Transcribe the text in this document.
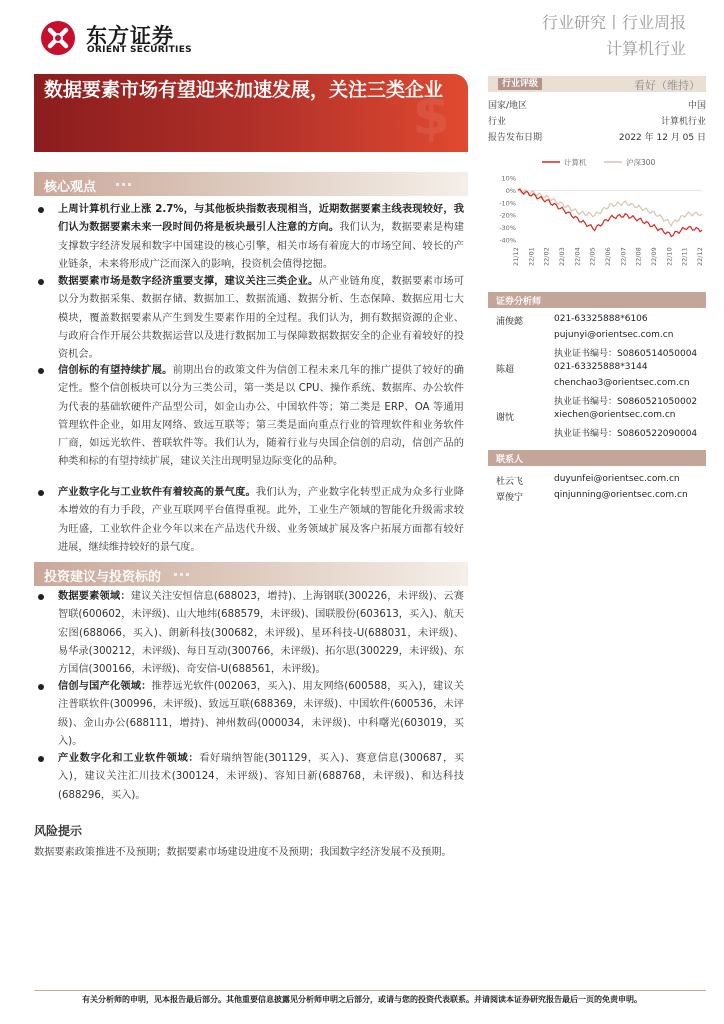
东方证券
ORIENT SECURITIES
行业研究丨行业周报
计算机行业
$
数据要素市场有望迎来加速发展，关注三类企业	行业评级	看好（维持）
国家/地区	中国
行业	计算机行业
报告发布日期	2022 年 12 月 05 日
计算机	沪深300
10%
0%
-10%
-20%
-30%
-40%
21/12 22/01 22/02 22/03 22/04 22/05 22/06 22/07 22/08 22/09 22/10 22/11 22/12
证券分析师
浦俊懿	021-63325888*6106
pujunyi@orientsec.com.cn
执业证书编号：S0860514050004
陈超	021-63325888*3144
chenchao3@orientsec.com.cn
执业证书编号：S0860521050002
谢忱	xiechen@orientsec.com.cn
执业证书编号：S0860522090004
联系人
杜云飞	duyunfei@orientsec.com.cn
覃俊宁	qinjunning@orientsec.com.cn
核心观点
上周计算机行业上涨 2.7%，与其他板块指数表现相当，近期数据要素主线表现较好，我们认为数据要素未来一段时间仍将是板块最引人注意的方向。我们认为，数据要素是构建支撑数字经济发展和数字中国建设的核心引擎，相关市场有着庞大的市场空间、较长的产业链条，未来将形成广泛而深入的影响，投资机会值得挖掘。
数据要素市场是数字经济重要支撑，建议关注三类企业。从产业链角度，数据要素市场可以分为数据采集、数据存储、数据加工、数据流通、数据分析、生态保障、数据应用七大模块，覆盖数据要素从产生到发生要素作用的全过程。我们认为，拥有数据资源的企业、与政府合作开展公共数据运营以及进行数据加工与保障数据数据安全的企业有着较好的投资机会。
信创标的有望持续扩展。前期出台的政策文件为信创工程未来几年的推广提供了较好的确定性。整个信创板块可以分为三类公司，第一类是以 CPU、操作系统、数据库、办公软件为代表的基础软硬件产品型公司，如金山办公、中国软件等；第二类是 ERP、OA 等通用管理软件企业，如用友网络、致远互联等；第三类是面向重点行业的管理软件和业务软件厂商，如远光软件、普联软件等。我们认为，随着行业与央国企信创的启动，信创产品的种类和标的有望持续扩展，建议关注出现明显边际变化的品种。
产业数字化与工业软件有着较高的景气度。我们认为，产业数字化转型正成为众多行业降本增效的有力手段，产业互联网平台值得重视。此外，工业生产领域的智能化升级需求较为旺盛，工业软件企业今年以来在产品迭代升级、业务领域扩展及客户拓展方面都有较好进展，继续维持较好的景气度。
投资建议与投资标的
数据要素领域：建议关注安恒信息(688023，增持)、上海钢联(300226，未评级)、云赛智联(600602，未评级)、山大地纬(688579，未评级)、国联股份(603613，买入)、航天宏图(688066，买入)、朗新科技(300682，未评级)、星环科技-U(688031，未评级)、易华录(300212，未评级)、每日互动(300766，未评级)、拓尔思(300229，未评级)、东方国信(300166，未评级)、奇安信-U(688561，未评级)。
信创与国产化领域：推荐远光软件(002063，买入)、用友网络(600588，买入)，建议关注普联软件(300996，未评级)、致远互联(688369，未评级)、中国软件(600536，未评级)、金山办公(688111，增持)、神州数码(000034，未评级)、中科曙光(603019，买入)。
产业数字化和工业软件领域：看好瑞纳智能(301129，买入)、赛意信息(300687，买入)，建议关注汇川技术(300124，未评级)、容知日新(688768，未评级)、和达科技(688296，买入)。
风险提示
数据要素政策推进不及预期；数据要素市场建设进度不及预期；我国数字经济发展不及预期。
有关分析师的申明，见本报告最后部分。其他重要信息披露见分析师申明之后部分，或请与您的投资代表联系。并请阅读本证券研究报告最后一页的免责申明。
